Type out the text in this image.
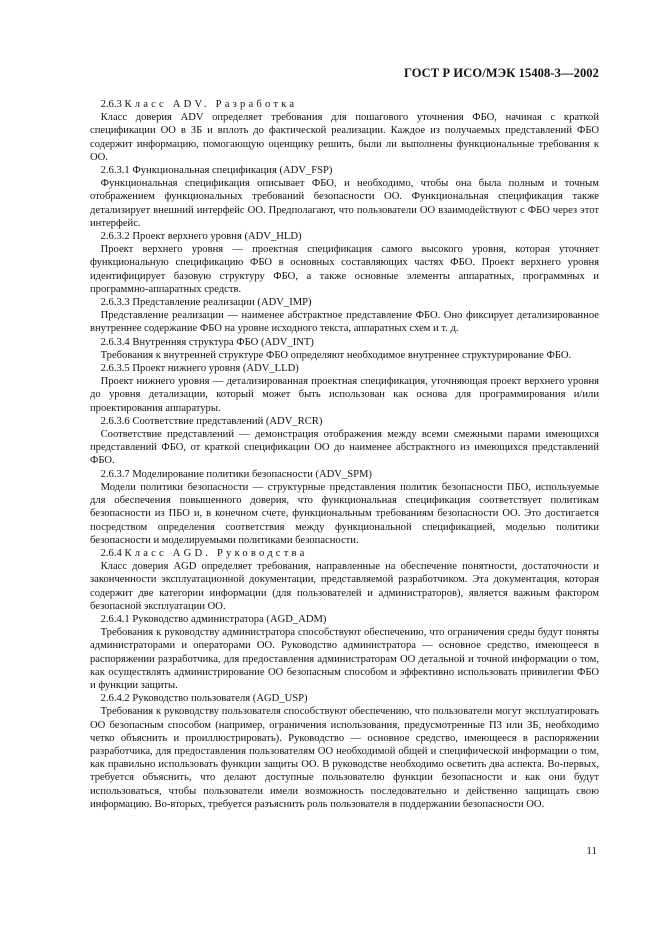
ГОСТ Р ИСО/МЭК 15408-3—2002

2.6.3 Класс ADV. Разработка

Класс доверия ADV определяет требования для пошагового уточнения ФБО, начиная с краткой спецификации ОО в ЗБ и вплоть до фактической реализации. Каждое из получаемых представлений ФБО содержит информацию, помогающую оценщику решить, были ли выполнены функциональные требования к ОО.

2.6.3.1 Функциональная спецификация (ADV_FSP)

Функциональная спецификация описывает ФБО, и необходимо, чтобы она была полным и точным отображением функциональных требований безопасности ОО. Функциональная спецификация также детализирует внешний интерфейс ОО. Предполагают, что пользователи ОО взаимодействуют с ФБО через этот интерфейс.

2.6.3.2 Проект верхнего уровня (ADV_HLD)

Проект верхнего уровня — проектная спецификация самого высокого уровня, которая уточняет функциональную спецификацию ФБО в основных составляющих частях ФБО. Проект верхнего уровня идентифицирует базовую структуру ФБО, а также основные элементы аппаратных, программных и программно-аппаратных средств.

2.6.3.3 Представление реализации (ADV_IMP)

Представление реализации — наименее абстрактное представление ФБО. Оно фиксирует детализированное внутреннее содержание ФБО на уровне исходного текста, аппаратных схем и т. д.

2.6.3.4 Внутренняя структура ФБО (ADV_INT)

Требования к внутренней структуре ФБО определяют необходимое внутреннее структурирование ФБО.

2.6.3.5 Проект нижнего уровня (ADV_LLD)

Проект нижнего уровня — детализированная проектная спецификация, уточняющая проект верхнего уровня до уровня детализации, который может быть использован как основа для программирования и/или проектирования аппаратуры.

2.6.3.6 Соответствие представлений (ADV_RCR)

Соответствие представлений — демонстрация отображения между всеми смежными парами имеющихся представлений ФБО, от краткой спецификации ОО до наименее абстрактного из имеющихся представлений ФБО.

2.6.3.7 Моделирование политики безопасности (ADV_SPM)

Модели политики безопасности — структурные представления политик безопасности ПБО, используемые для обеспечения повышенного доверия, что функциональная спецификация соответствует политикам безопасности из ПБО и, в конечном счете, функциональным требованиям безопасности ОО. Это достигается посредством определения соответствия между функциональной спецификацией, моделью политики безопасности и моделируемыми политиками безопасности.

2.6.4 Класс AGD. Руководства

Класс доверия AGD определяет требования, направленные на обеспечение понятности, достаточности и законченности эксплуатационной документации, представляемой разработчиком. Эта документация, которая содержит две категории информации (для пользователей и администраторов), является важным фактором безопасной эксплуатации ОО.

2.6.4.1 Руководство администратора (AGD_ADM)

Требования к руководству администратора способствуют обеспечению, что ограничения среды будут поняты администраторами и операторами ОО. Руководство администратора — основное средство, имеющееся в распоряжении разработчика, для предоставления администраторам ОО детальной и точной информации о том, как осуществлять администрирование ОО безопасным способом и эффективно использовать привилегии ФБО и функции защиты.

2.6.4.2 Руководство пользователя (AGD_USP)

Требования к руководству пользователя способствуют обеспечению, что пользователи могут эксплуатировать ОО безопасным способом (например, ограничения использования, предусмотренные ПЗ или ЗБ, необходимо четко объяснить и проиллюстрировать). Руководство — основное средство, имеющееся в распоряжении разработчика, для предоставления пользователям ОО необходимой общей и специфической информации о том, как правильно использовать функции защиты ОО. В руководстве необходимо осветить два аспекта. Во-первых, требуется объяснить, что делают доступные пользователю функции безопасности и как они будут использоваться, чтобы пользователи имели возможность последовательно и действенно защищать свою информацию. Во-вторых, требуется разъяснить роль пользователя в поддержании безопасности ОО.

11
